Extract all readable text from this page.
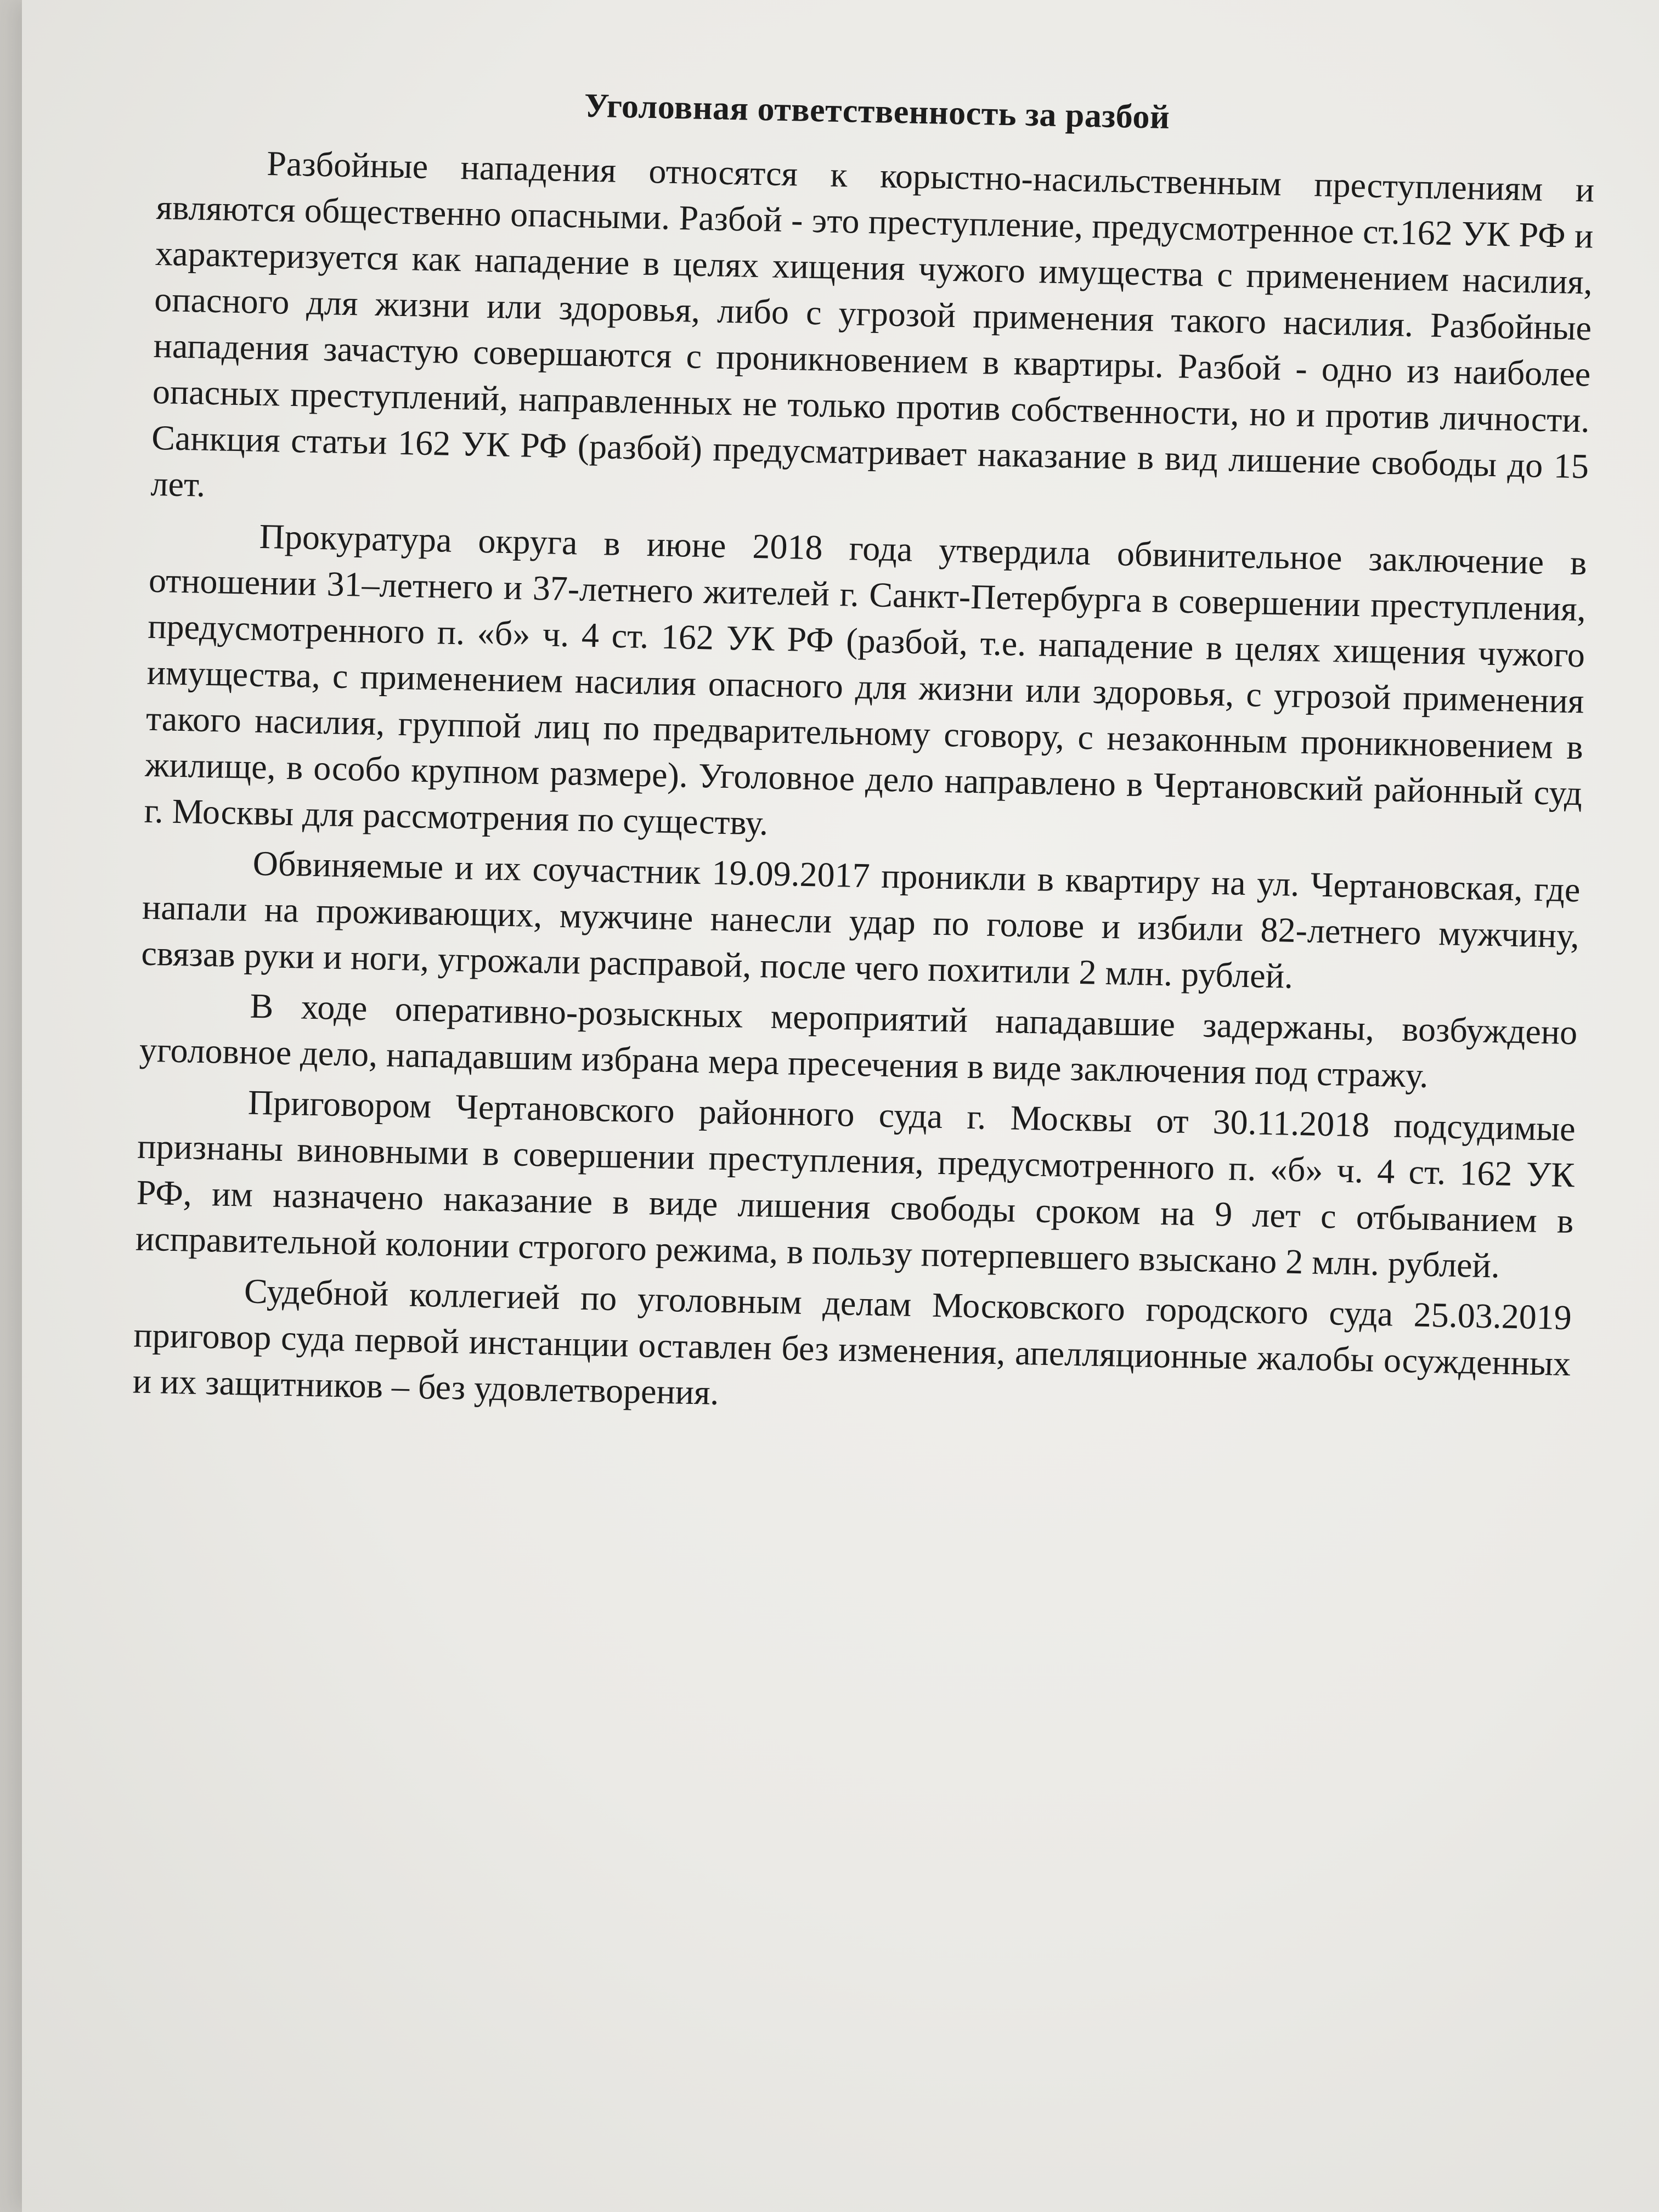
Уголовная ответственность за разбой

Разбойные нападения относятся к корыстно-насильственным преступлениям и являются общественно опасными. Разбой - это преступление, предусмотренное ст.162 УК РФ и характеризуется как нападение в целях хищения чужого имущества с применением насилия, опасного для жизни или здоровья, либо с угрозой применения такого насилия. Разбойные нападения зачастую совершаются с проникновением в квартиры. Разбой - одно из наиболее опасных преступлений, направленных не только против собственности, но и против личности. Санкция статьи 162 УК РФ (разбой) предусматривает наказание в вид лишение свободы до 15 лет.

Прокуратура округа в июне 2018 года утвердила обвинительное заключение в отношении 31–летнего и 37-летнего жителей г. Санкт-Петербурга в совершении преступления, предусмотренного п. «б» ч. 4 ст. 162 УК РФ (разбой, т.е. нападение в целях хищения чужого имущества, с применением насилия опасного для жизни или здоровья, с угрозой применения такого насилия, группой лиц по предварительному сговору, с незаконным проникновением в жилище, в особо крупном размере). Уголовное дело направлено в Чертановский районный суд г. Москвы для рассмотрения по существу.

Обвиняемые и их соучастник 19.09.2017 проникли в квартиру на ул. Чертановская, где напали на проживающих, мужчине нанесли удар по голове и избили 82-летнего мужчину, связав руки и ноги, угрожали расправой, после чего похитили 2 млн. рублей.

В ходе оперативно-розыскных мероприятий нападавшие задержаны, возбуждено уголовное дело, нападавшим избрана мера пресечения в виде заключения под стражу.

Приговором Чертановского районного суда г. Москвы от 30.11.2018 подсудимые признаны виновными в совершении преступления, предусмотренного п. «б» ч. 4 ст. 162 УК РФ, им назначено наказание в виде лишения свободы сроком на 9 лет с отбыванием в исправительной колонии строгого режима, в пользу потерпевшего взыскано 2 млн. рублей.

Судебной коллегией по уголовным делам Московского городского суда 25.03.2019 приговор суда первой инстанции оставлен без изменения, апелляционные жалобы осужденных и их защитников – без удовлетворения.
